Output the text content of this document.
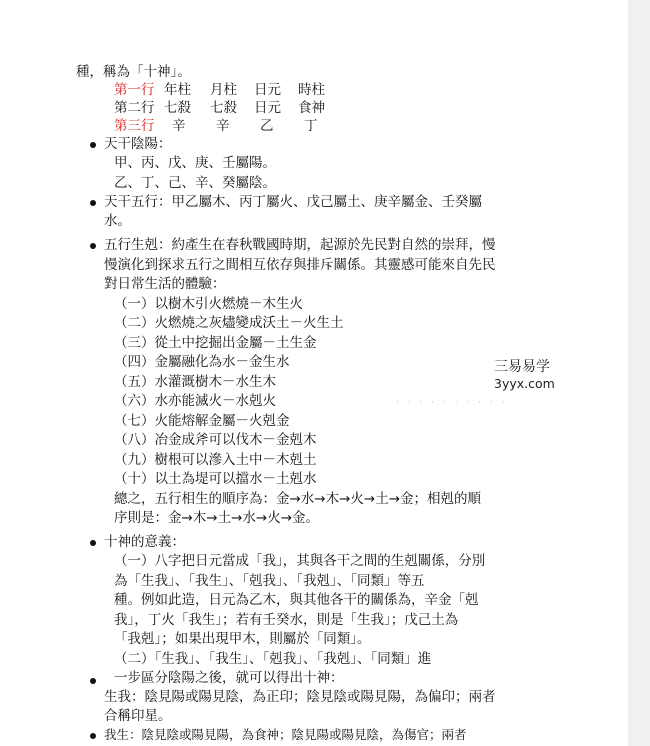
種，稱為「十神」。
第一行 年柱 月柱 日元 時柱
第二行 七殺 七殺 日元 食神
第三行 辛 辛 乙 丁
天干陰陽：
甲、丙、戊、庚、壬屬陽。
乙、丁、己、辛、癸屬陰。
天干五行：甲乙屬木、丙丁屬火、戊己屬土、庚辛屬金、壬癸屬
水。
五行生剋：約產生在春秋戰國時期，起源於先民對自然的崇拜，慢
慢演化到探求五行之間相互依存與排斥關係。其靈感可能來自先民
對日常生活的體驗：
（一）以樹木引火燃燒－木生火
（二）火燃燒之灰燼變成沃土－火生土
（三）從土中挖掘出金屬－土生金
（四）金屬融化為水－金生水
（五）水灌溉樹木－水生木
（六）水亦能滅火－水剋火
（七）火能熔解金屬－火剋金
（八）冶金成斧可以伐木－金剋木
（九）樹根可以滲入土中－木剋土
（十）以土為堤可以擋水－土剋水
總之，五行相生的順序為：金→水→木→火→土→金；相剋的順
序則是：金→木→土→水→火→金。
十神的意義：
（一）八字把日元當成「我」，其與各干之間的生剋關係，分別
為「生我」、「我生」、「剋我」、「我剋」、「同類」等五
種。例如此造，日元為乙木，與其他各干的關係為，辛金「剋
我」，丁火「我生」；若有壬癸水，則是「生我」；戊己土為
「我剋」；如果出現甲木，則屬於「同類」。
（二）「生我」、「我生」、「剋我」、「我剋」、「同類」進
一步區分陰陽之後，就可以得出十神：
生我：陰見陽或陽見陰，為正印；陰見陰或陽見陽，為偏印；兩者
合稱印星。
我生：陰見陰或陽見陽，為食神；陰見陽或陽見陰，為傷官；兩者
三易易学
3yyx.com
· · · · · · · · · ·
